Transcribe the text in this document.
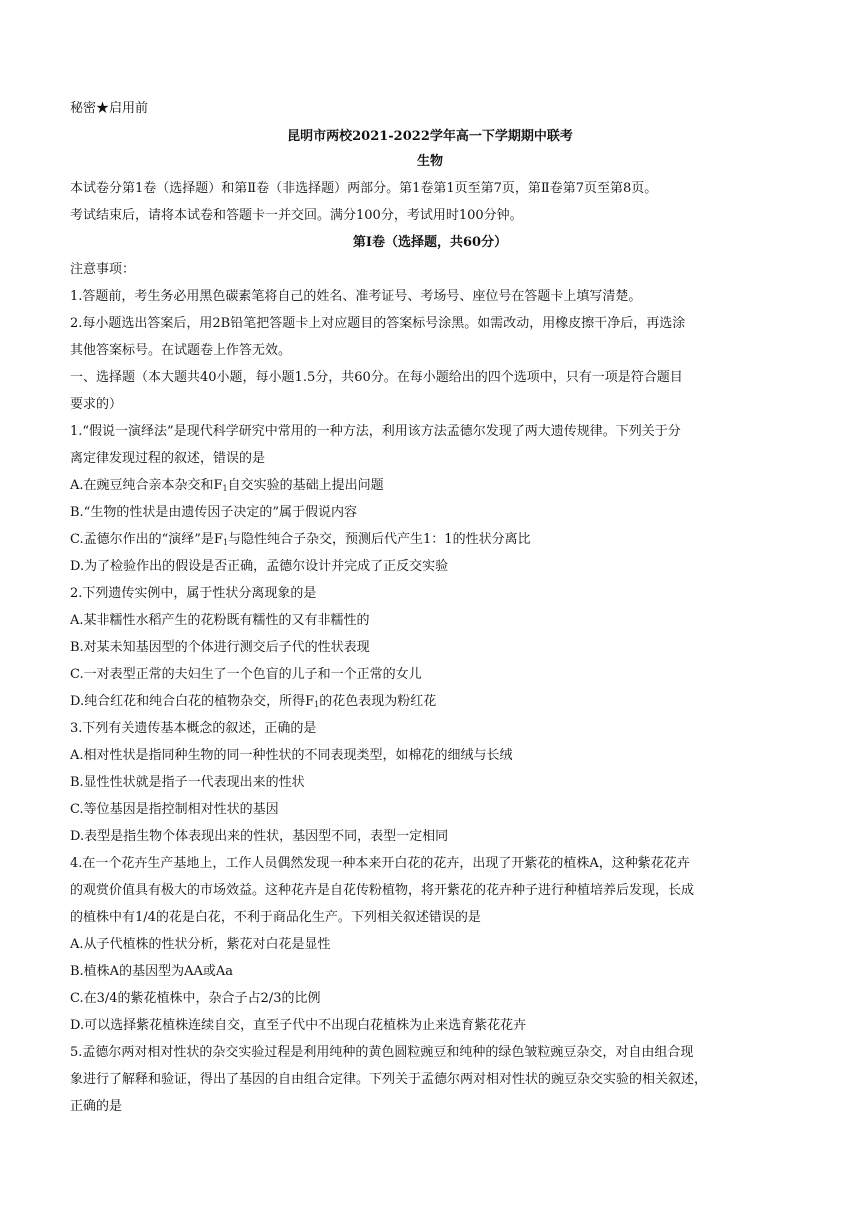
秘密★启用前
昆明市两校2021-2022学年高一下学期期中联考
生物
本试卷分第1卷（选择题）和第Ⅱ卷（非选择题）两部分。第1卷第1页至第7页，第Ⅱ卷第7页至第8页。
考试结束后，请将本试卷和答题卡一并交回。满分100分，考试用时100分钟。
第Ⅰ卷（选择题，共60分）
注意事项：
1.答题前，考生务必用黑色碳素笔将自己的姓名、准考证号、考场号、座位号在答题卡上填写清楚。
2.每小题选出答案后，用2B铅笔把答题卡上对应题目的答案标号涂黑。如需改动，用橡皮擦干净后，再选涂
其他答案标号。在试题卷上作答无效。
一、选择题（本大题共40小题，每小题1.5分，共60分。在每小题给出的四个选项中，只有一项是符合题目
要求的）
1.“假说一演绎法”是现代科学研究中常用的一种方法，利用该方法孟德尔发现了两大遗传规律。下列关于分
离定律发现过程的叙述，错误的是
A.在豌豆纯合亲本杂交和$F_1$自交实验的基础上提出问题
B.“生物的性状是由遗传因子决定的”属于假说内容
C.孟德尔作出的“演绎”是$F_1$与隐性纯合子杂交，预测后代产生1：1的性状分离比
D.为了检验作出的假设是否正确，孟德尔设计并完成了正反交实验
2.下列遗传实例中，属于性状分离现象的是
A.某非糯性水稻产生的花粉既有糯性的又有非糯性的
B.对某未知基因型的个体进行测交后子代的性状表现
C.一对表型正常的夫妇生了一个色盲的儿子和一个正常的女儿
D.纯合红花和纯合白花的植物杂交，所得$F_1$的花色表现为粉红花
3.下列有关遗传基本概念的叙述，正确的是
A.相对性状是指同种生物的同一种性状的不同表现类型，如棉花的细绒与长绒
B.显性性状就是指子一代表现出来的性状
C.等位基因是指控制相对性状的基因
D.表型是指生物个体表现出来的性状，基因型不同，表型一定相同
4.在一个花卉生产基地上，工作人员偶然发现一种本来开白花的花卉，出现了开紫花的植株A，这种紫花花卉
的观赏价值具有极大的市场效益。这种花卉是自花传粉植物，将开紫花的花卉种子进行种植培养后发现，长成
的植株中有1/4的花是白花，不利于商品化生产。下列相关叙述错误的是
A.从子代植株的性状分析，紫花对白花是显性
B.植株A的基因型为AA或Aa
C.在3/4的紫花植株中，杂合子占2/3的比例
D.可以选择紫花植株连续自交，直至子代中不出现白花植株为止来选育紫花花卉
5.孟德尔两对相对性状的杂交实验过程是利用纯种的黄色圆粒豌豆和纯种的绿色皱粒豌豆杂交，对自由组合现
象进行了解释和验证，得出了基因的自由组合定律。下列关于孟德尔两对相对性状的豌豆杂交实验的相关叙述，
正确的是
